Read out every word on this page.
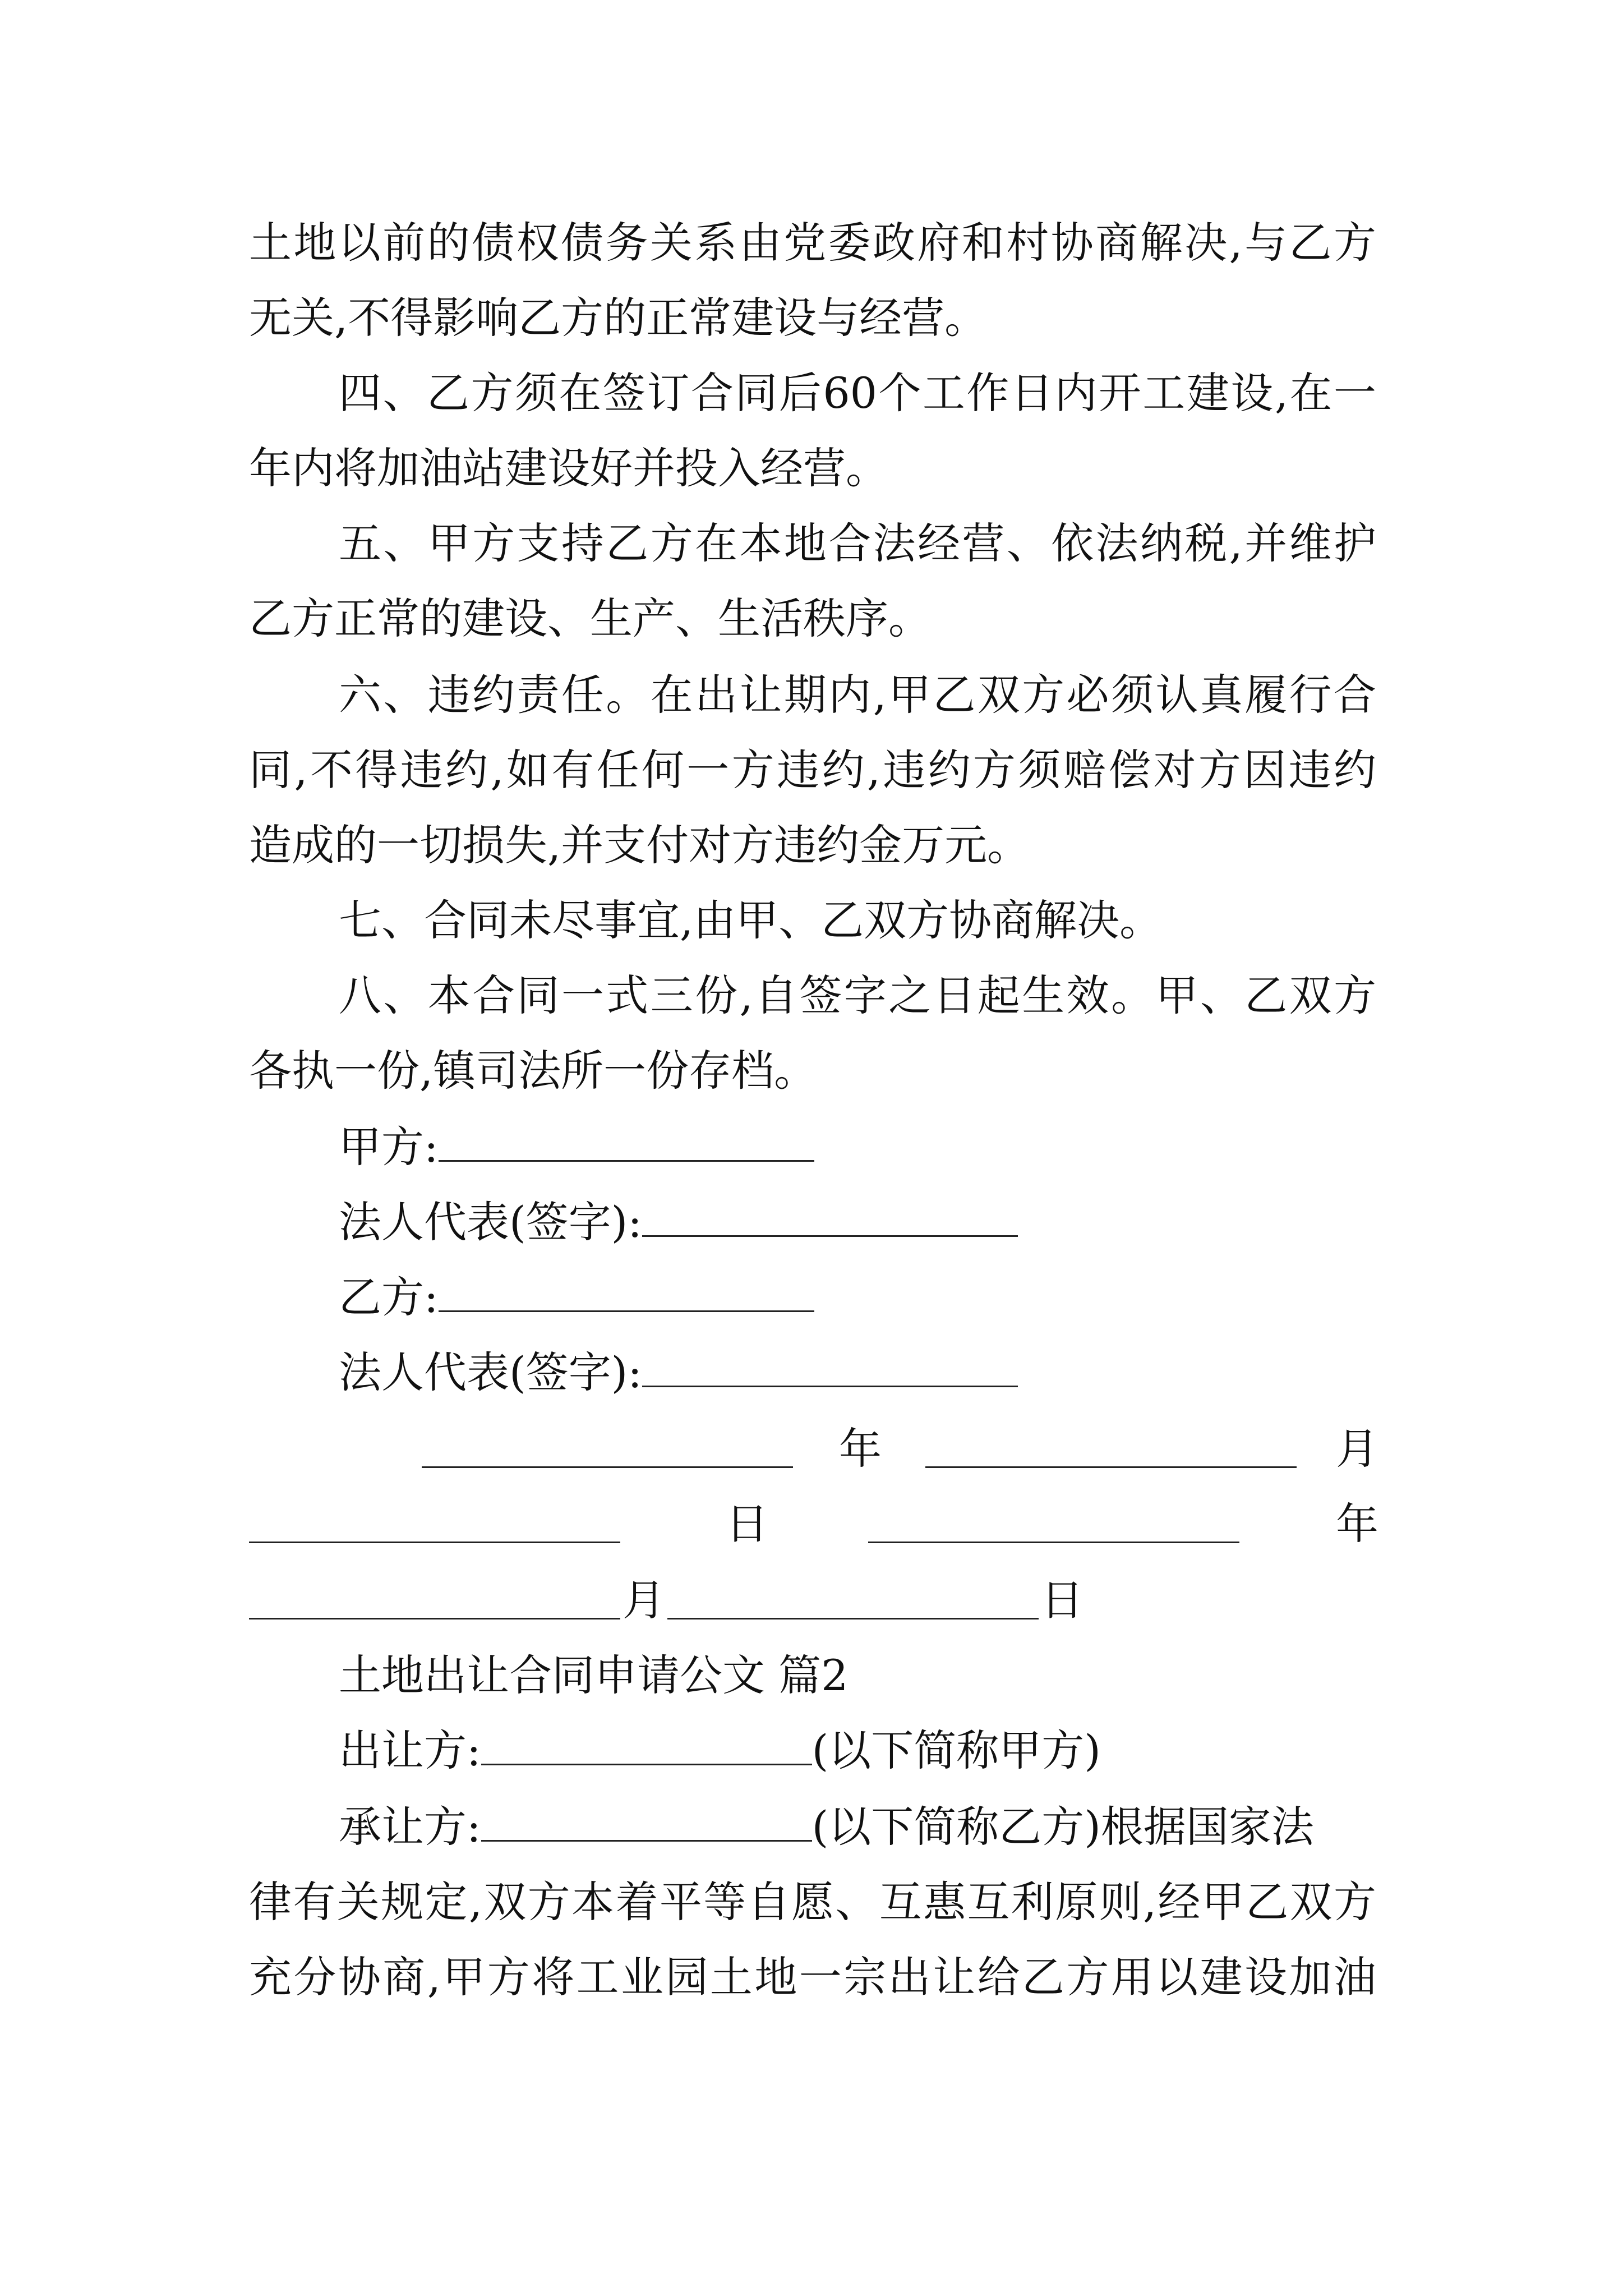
土地以前的债权债务关系由党委政府和村协商解决,与乙方
无关,不得影响乙方的正常建设与经营。
四、乙方须在签订合同后60个工作日内开工建设,在一
年内将加油站建设好并投入经营。
五、甲方支持乙方在本地合法经营、依法纳税,并维护
乙方正常的建设、生产、生活秩序。
六、违约责任。在出让期内,甲乙双方必须认真履行合
同,不得违约,如有任何一方违约,违约方须赔偿对方因违约
造成的一切损失,并支付对方违约金万元。
七、合同未尽事宜,由甲、乙双方协商解决。
八、本合同一式三份,自签字之日起生效。甲、乙双方
各执一份,镇司法所一份存档。
甲方:
法人代表(签字):
乙方:
法人代表(签字):
年	月
日	年
月	日
土地出让合同申请公文 篇2
出让方:	(以下简称甲方)
承让方:	(以下简称乙方)根据国家法
律有关规定,双方本着平等自愿、互惠互利原则,经甲乙双方
充分协商,甲方将工业园土地一宗出让给乙方用以建设加油
